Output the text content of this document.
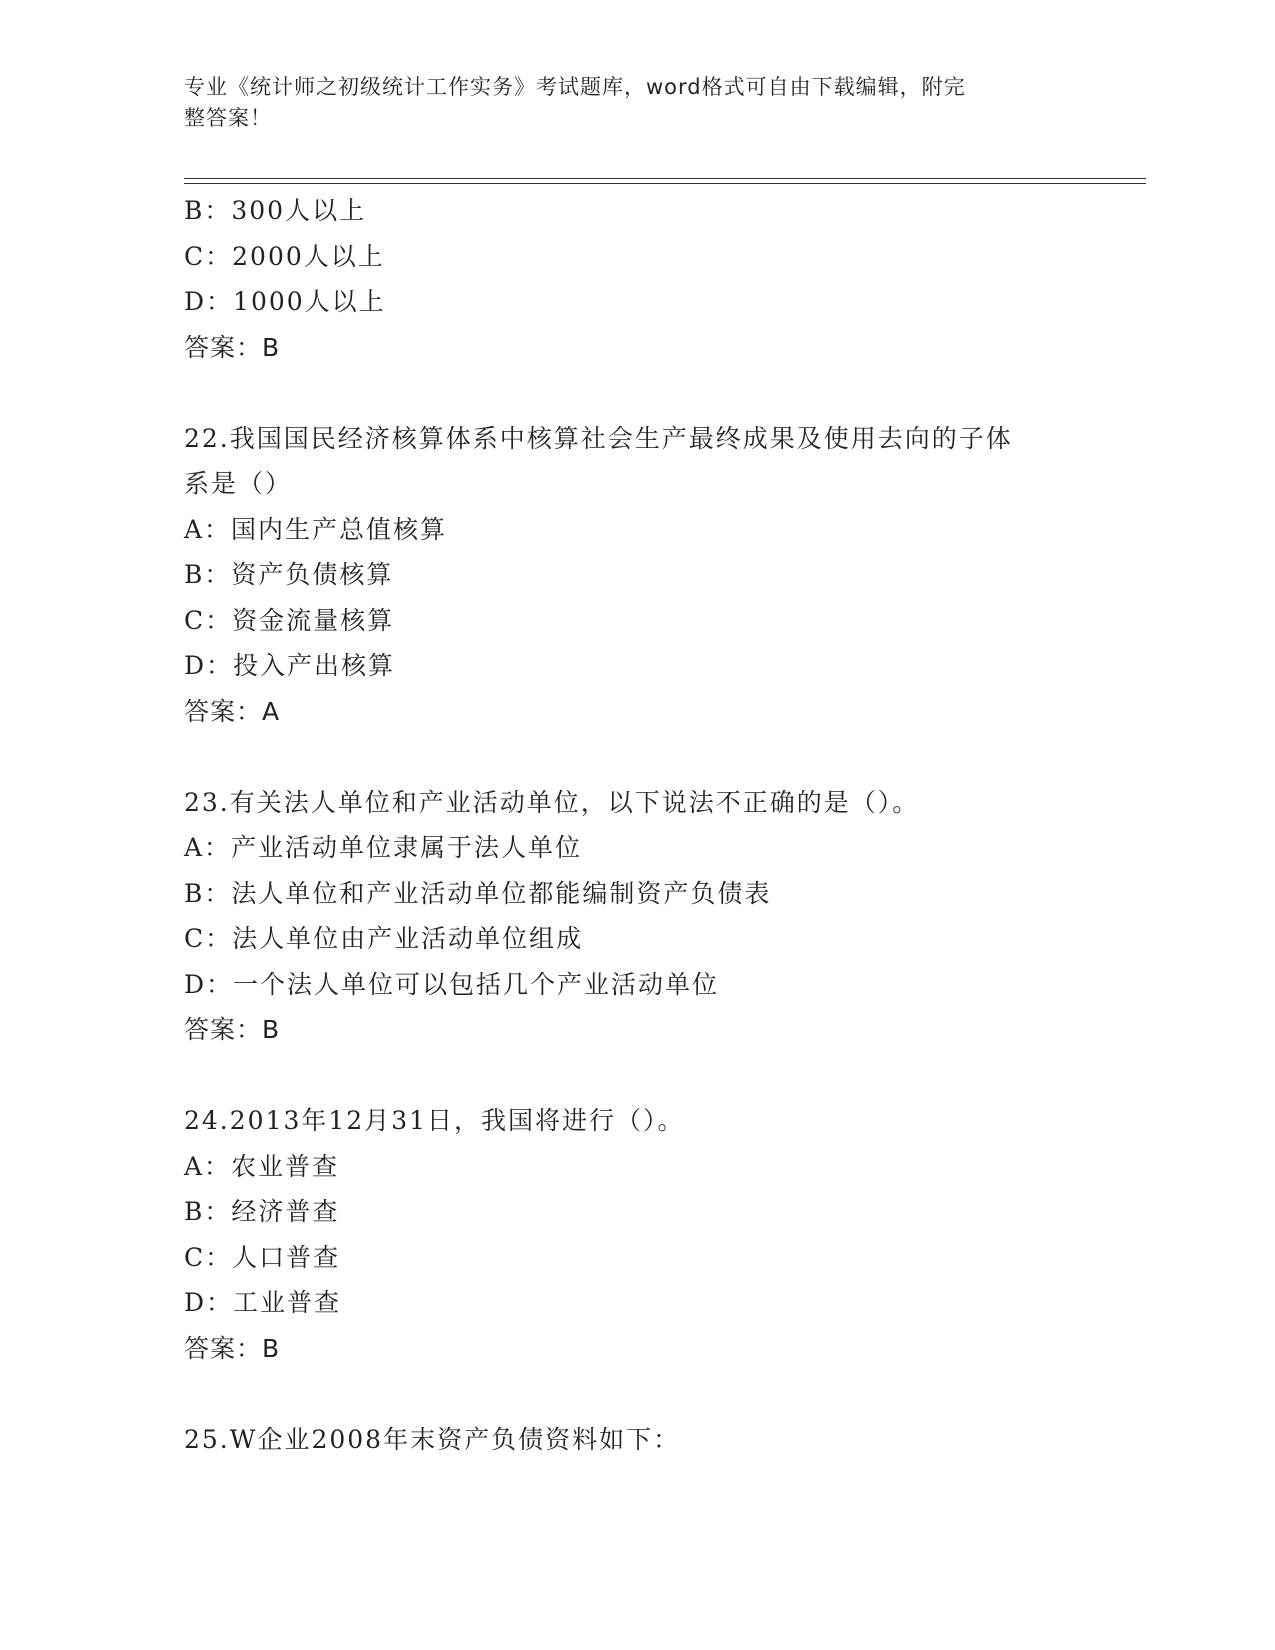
专业《统计师之初级统计工作实务》考试题库，word格式可自由下载编辑，附完
整答案！
B：300人以上
C：2000人以上
D：1000人以上
答案：B
22.我国国民经济核算体系中核算社会生产最终成果及使用去向的子体
系是（）
A：国内生产总值核算
B：资产负债核算
C：资金流量核算
D：投入产出核算
答案：A
23.有关法人单位和产业活动单位，以下说法不正确的是（）。
A：产业活动单位隶属于法人单位
B：法人单位和产业活动单位都能编制资产负债表
C：法人单位由产业活动单位组成
D：一个法人单位可以包括几个产业活动单位
答案：B
24.2013年12月31日，我国将进行（）。
A：农业普查
B：经济普查
C：人口普查
D：工业普查
答案：B
25.W企业2008年末资产负债资料如下：
